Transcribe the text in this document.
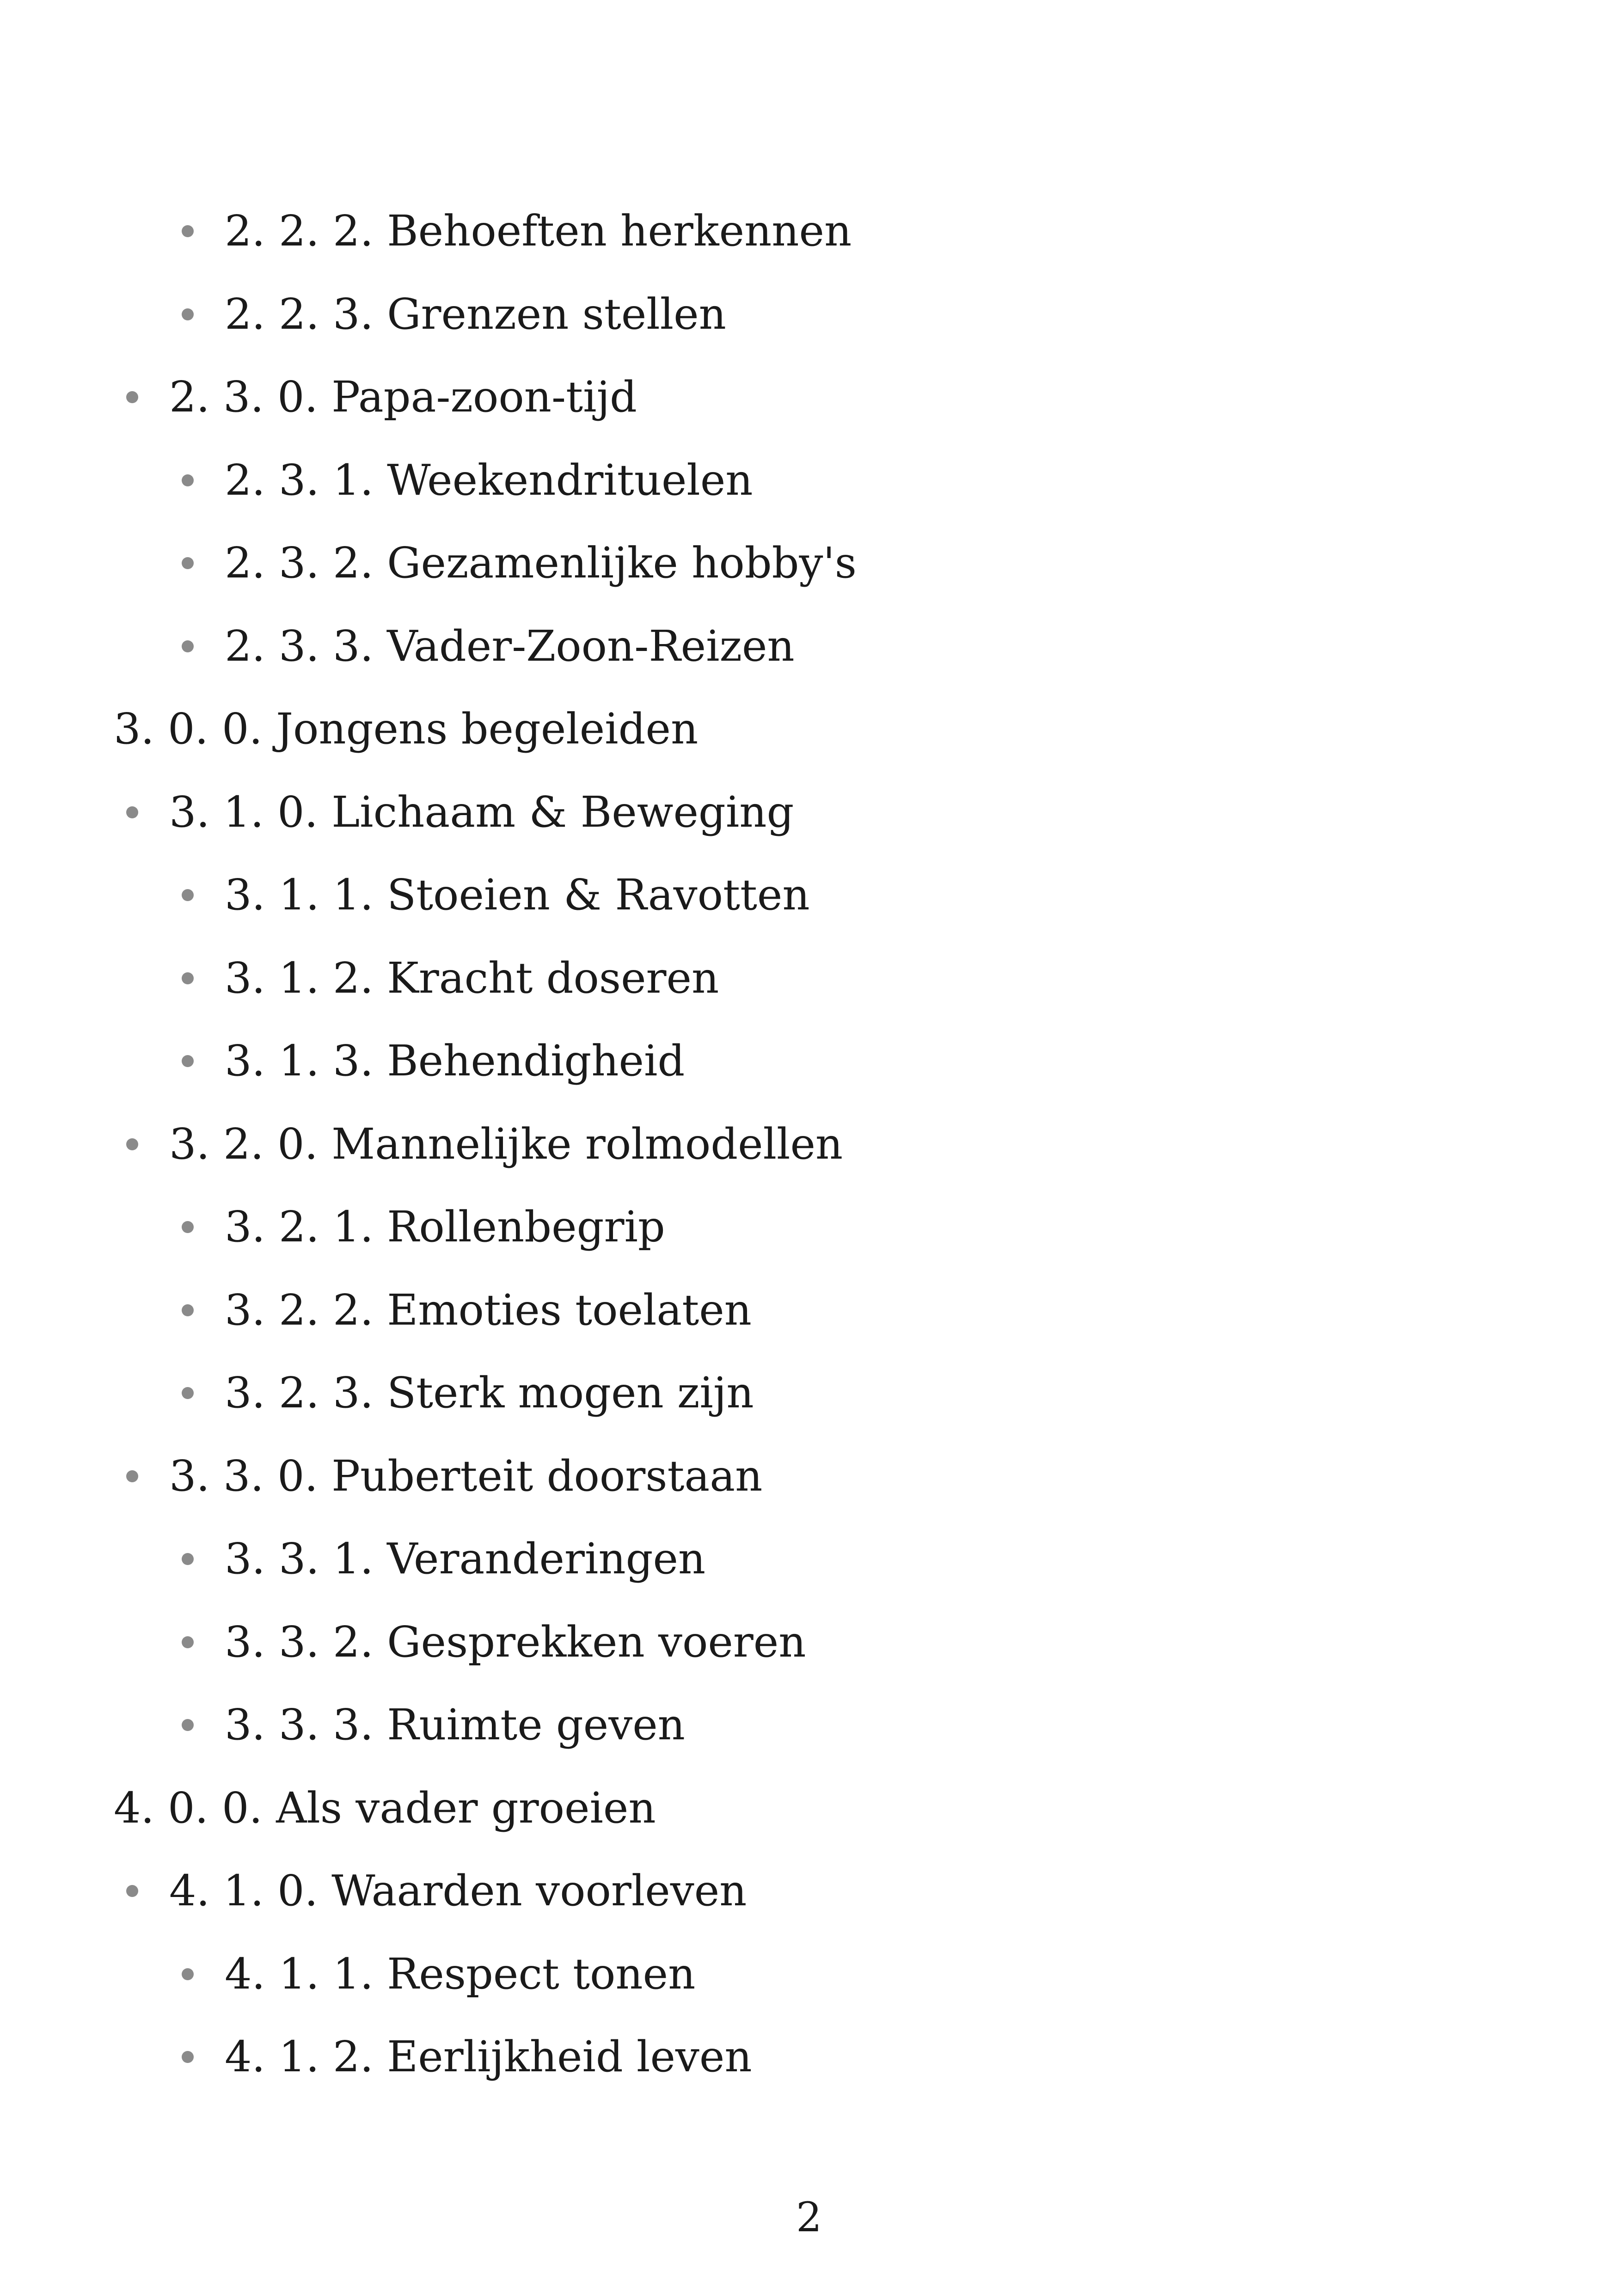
2. 2. 2. Behoeften herkennen
2. 2. 3. Grenzen stellen
2. 3. 0. Papa-zoon-tijd
2. 3. 1. Weekendrituelen
2. 3. 2. Gezamenlijke hobby's
2. 3. 3. Vader-Zoon-Reizen
3. 0. 0. Jongens begeleiden
3. 1. 0. Lichaam & Beweging
3. 1. 1. Stoeien & Ravotten
3. 1. 2. Kracht doseren
3. 1. 3. Behendigheid
3. 2. 0. Mannelijke rolmodellen
3. 2. 1. Rollenbegrip
3. 2. 2. Emoties toelaten
3. 2. 3. Sterk mogen zijn
3. 3. 0. Puberteit doorstaan
3. 3. 1. Veranderingen
3. 3. 2. Gesprekken voeren
3. 3. 3. Ruimte geven
4. 0. 0. Als vader groeien
4. 1. 0. Waarden voorleven
4. 1. 1. Respect tonen
4. 1. 2. Eerlijkheid leven
2
